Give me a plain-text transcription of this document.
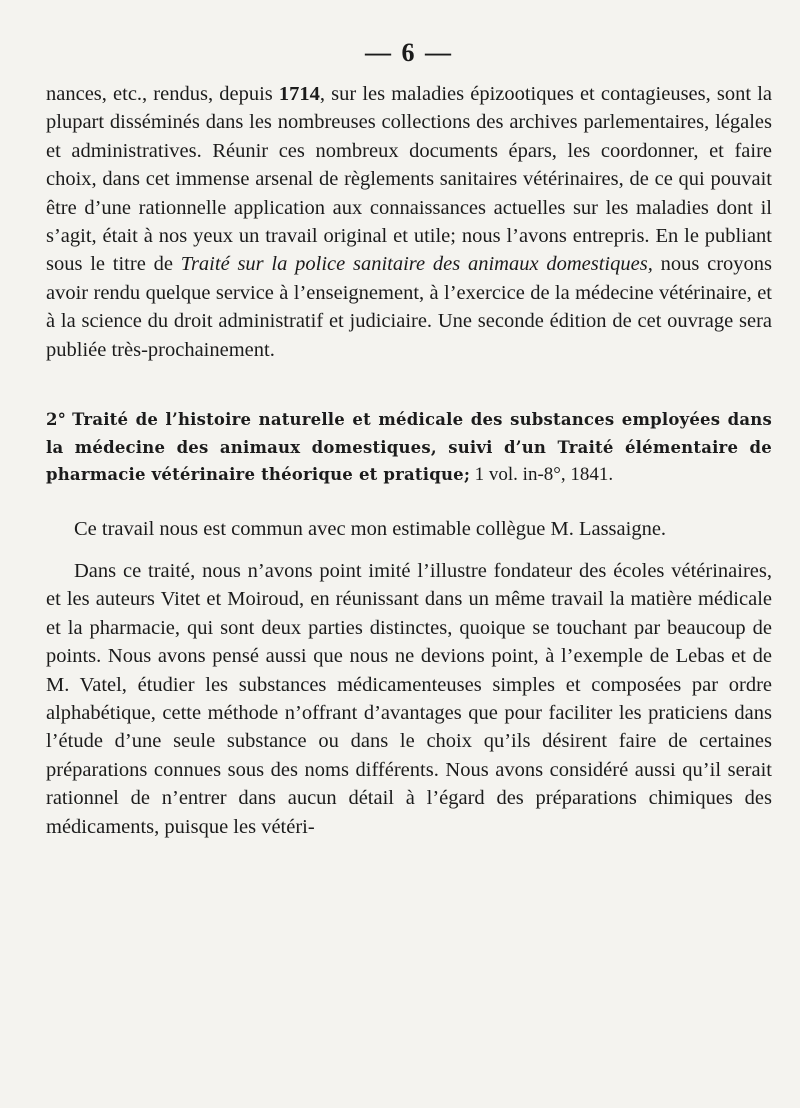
— 6 —

nances, etc., rendus, depuis 1714, sur les maladies épizootiques et contagieuses, sont la plupart disséminés dans les nombreuses collections des archives parlementaires, légales et administratives. Réunir ces nombreux documents épars, les coordonner, et faire choix, dans cet immense arsenal de règlements sanitaires vétérinaires, de ce qui pouvait être d’une rationnelle application aux connaissances actuelles sur les maladies dont il s’agit, était à nos yeux un travail original et utile; nous l’avons entrepris. En le publiant sous le titre de Traité sur la police sanitaire des animaux domestiques, nous croyons avoir rendu quelque service à l’enseignement, à l’exercice de la médecine vétérinaire, et à la science du droit administratif et judiciaire. Une seconde édition de cet ouvrage sera publiée très-prochainement.

2° Traité de l’histoire naturelle et médicale des substances employées dans la médecine des animaux domestiques, suivi d’un Traité élémentaire de pharmacie vétérinaire théorique et pratique; 1 vol. in-8°, 1841.

Ce travail nous est commun avec mon estimable collègue M. Lassaigne.

Dans ce traité, nous n’avons point imité l’illustre fondateur des écoles vétérinaires, et les auteurs Vitet et Moiroud, en réunissant dans un même travail la matière médicale et la pharmacie, qui sont deux parties distinctes, quoique se touchant par beaucoup de points. Nous avons pensé aussi que nous ne devions point, à l’exemple de Lebas et de M. Vatel, étudier les substances médicamenteuses simples et composées par ordre alphabétique, cette méthode n’offrant d’avantages que pour faciliter les praticiens dans l’étude d’une seule substance ou dans le choix qu’ils désirent faire de certaines préparations connues sous des noms différents. Nous avons considéré aussi qu’il serait rationnel de n’entrer dans aucun détail à l’égard des préparations chimiques des médicaments, puisque les vétéri-
